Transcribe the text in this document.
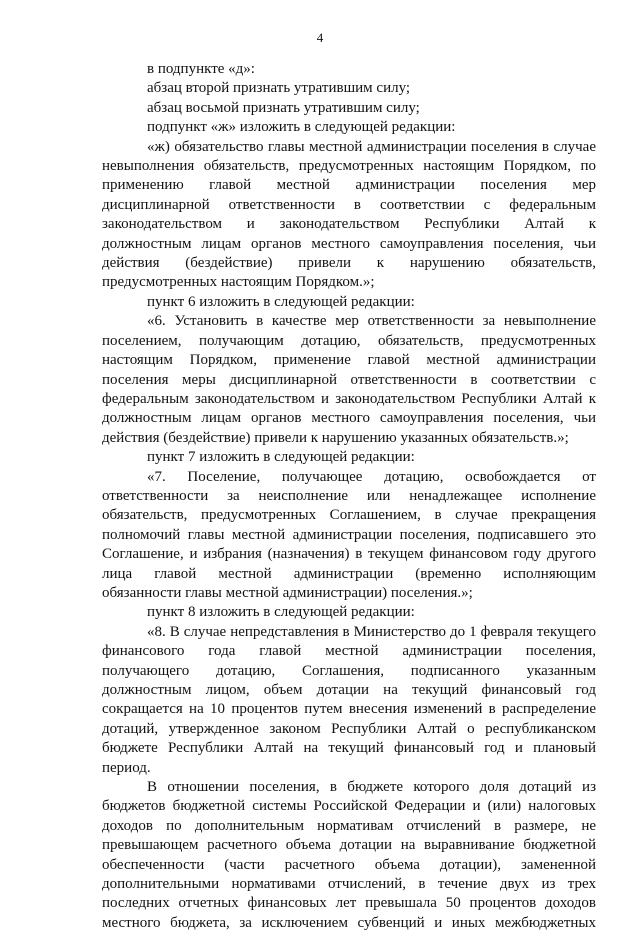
4
в подпункте «д»:
абзац второй признать утратившим силу;
абзац восьмой признать утратившим силу;
подпункт «ж» изложить в следующей редакции:
«ж) обязательство главы местной администрации поселения в случае
невыполнения обязательств, предусмотренных настоящим Порядком, по
применению главой местной администрации поселения мер
дисциплинарной ответственности в соответствии с федеральным
законодательством и законодательством Республики Алтай к
должностным лицам органов местного самоуправления поселения, чьи
действия (бездействие) привели к нарушению обязательств,
предусмотренных настоящим Порядком.»;
пункт 6 изложить в следующей редакции:
«6. Установить в качестве мер ответственности за невыполнение
поселением, получающим дотацию, обязательств, предусмотренных
настоящим Порядком, применение главой местной администрации
поселения меры дисциплинарной ответственности в соответствии с
федеральным законодательством и законодательством Республики Алтай к
должностным лицам органов местного самоуправления поселения, чьи
действия (бездействие) привели к нарушению указанных обязательств.»;
пункт 7 изложить в следующей редакции:
«7. Поселение, получающее дотацию, освобождается от
ответственности за неисполнение или ненадлежащее исполнение
обязательств, предусмотренных Соглашением, в случае прекращения
полномочий главы местной администрации поселения, подписавшего это
Соглашение, и избрания (назначения) в текущем финансовом году другого
лица главой местной администрации (временно исполняющим
обязанности главы местной администрации) поселения.»;
пункт 8 изложить в следующей редакции:
«8. В случае непредставления в Министерство до 1 февраля текущего
финансового года главой местной администрации поселения,
получающего дотацию, Соглашения, подписанного указанным
должностным лицом, объем дотации на текущий финансовый год
сокращается на 10 процентов путем внесения изменений в распределение
дотаций, утвержденное законом Республики Алтай о республиканском
бюджете Республики Алтай на текущий финансовый год и плановый
период.
В отношении поселения, в бюджете которого доля дотаций из
бюджетов бюджетной системы Российской Федерации и (или) налоговых
доходов по дополнительным нормативам отчислений в размере, не
превышающем расчетного объема дотации на выравнивание бюджетной
обеспеченности (части расчетного объема дотации), замененной
дополнительными нормативами отчислений, в течение двух из трех
последних отчетных финансовых лет превышала 50 процентов доходов
местного бюджета, за исключением субвенций и иных межбюджетных
